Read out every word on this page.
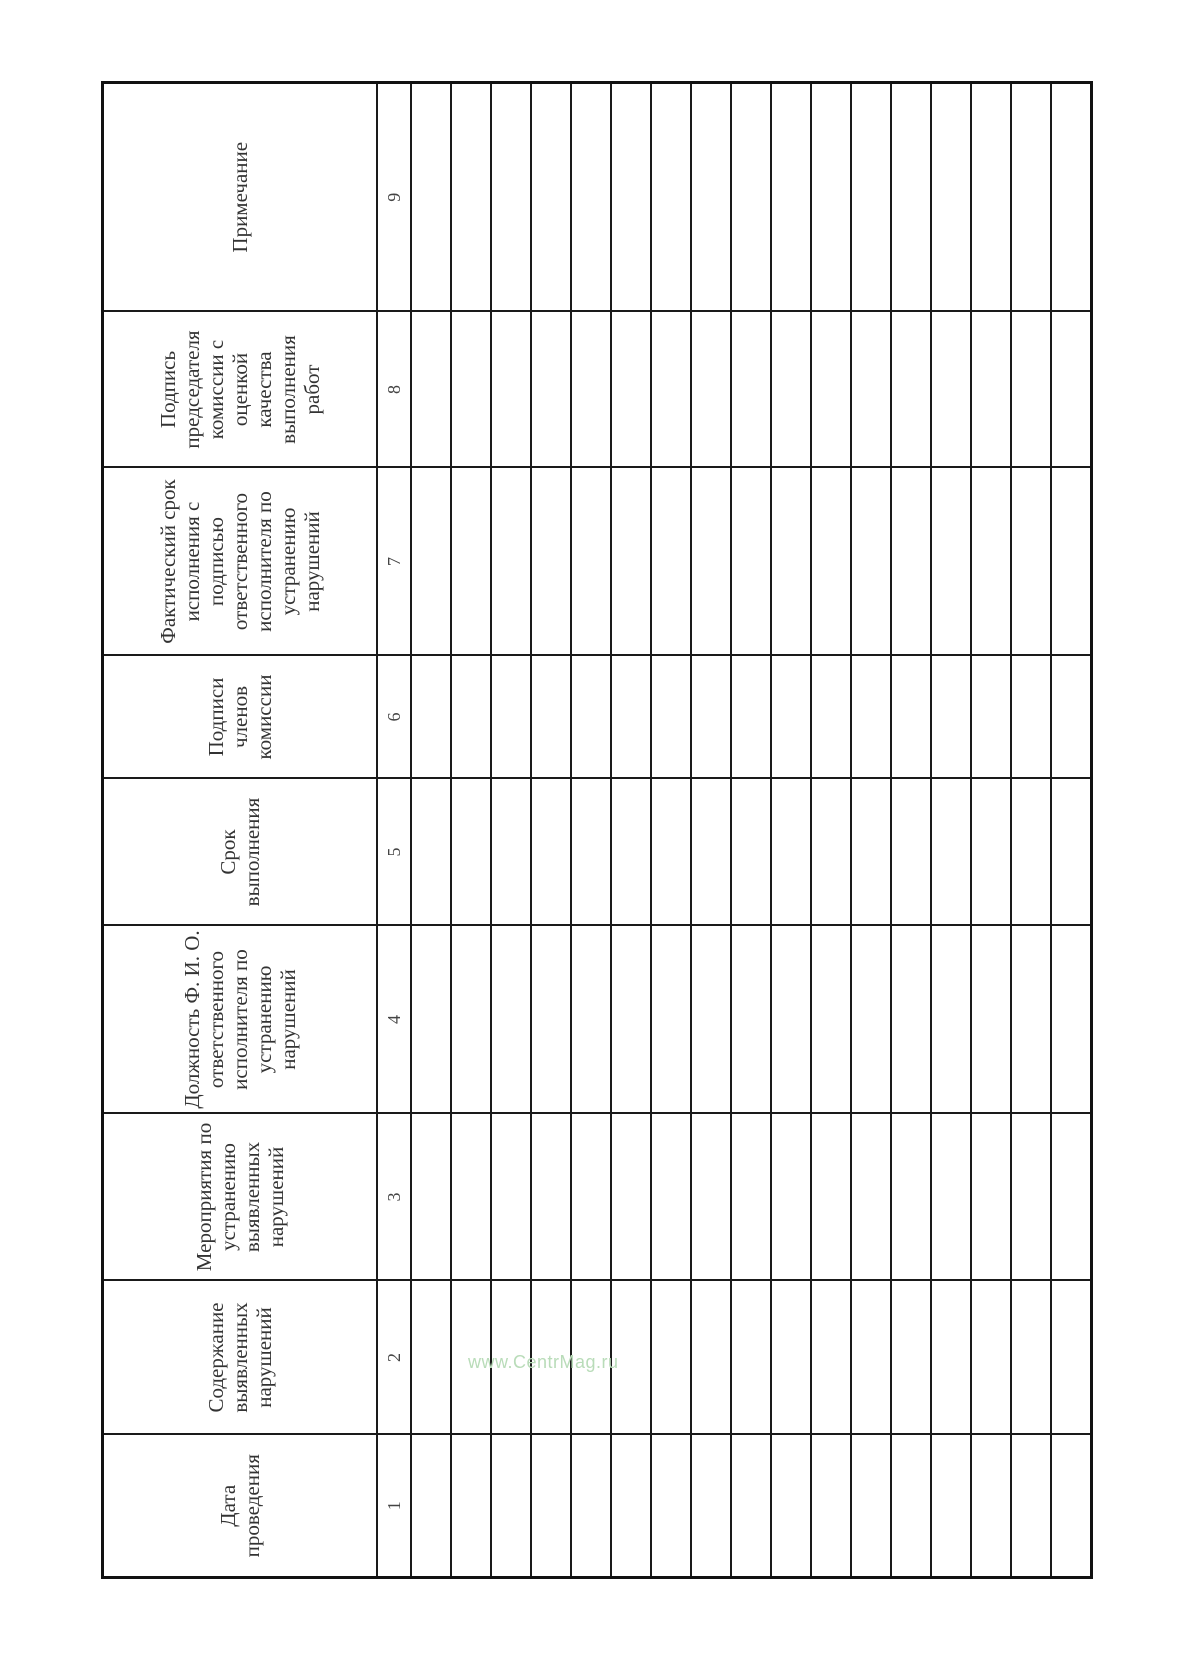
Дата проведения	Содержание выявленных нарушений	Мероприятия по устранению выявленных нарушений	Должность Ф. И. О. ответственного исполнителя по устранению нарушений	Срок выполнения	Подписи членов комиссии	Фактический срок исполнения с подписью ответственного исполнителя по устранению нарушений	Подпись председателя комиссии с оценкой качества выполнения работ	Примечание
1	2	3	4	5	6	7	8	9

www.CentrMag.ru
